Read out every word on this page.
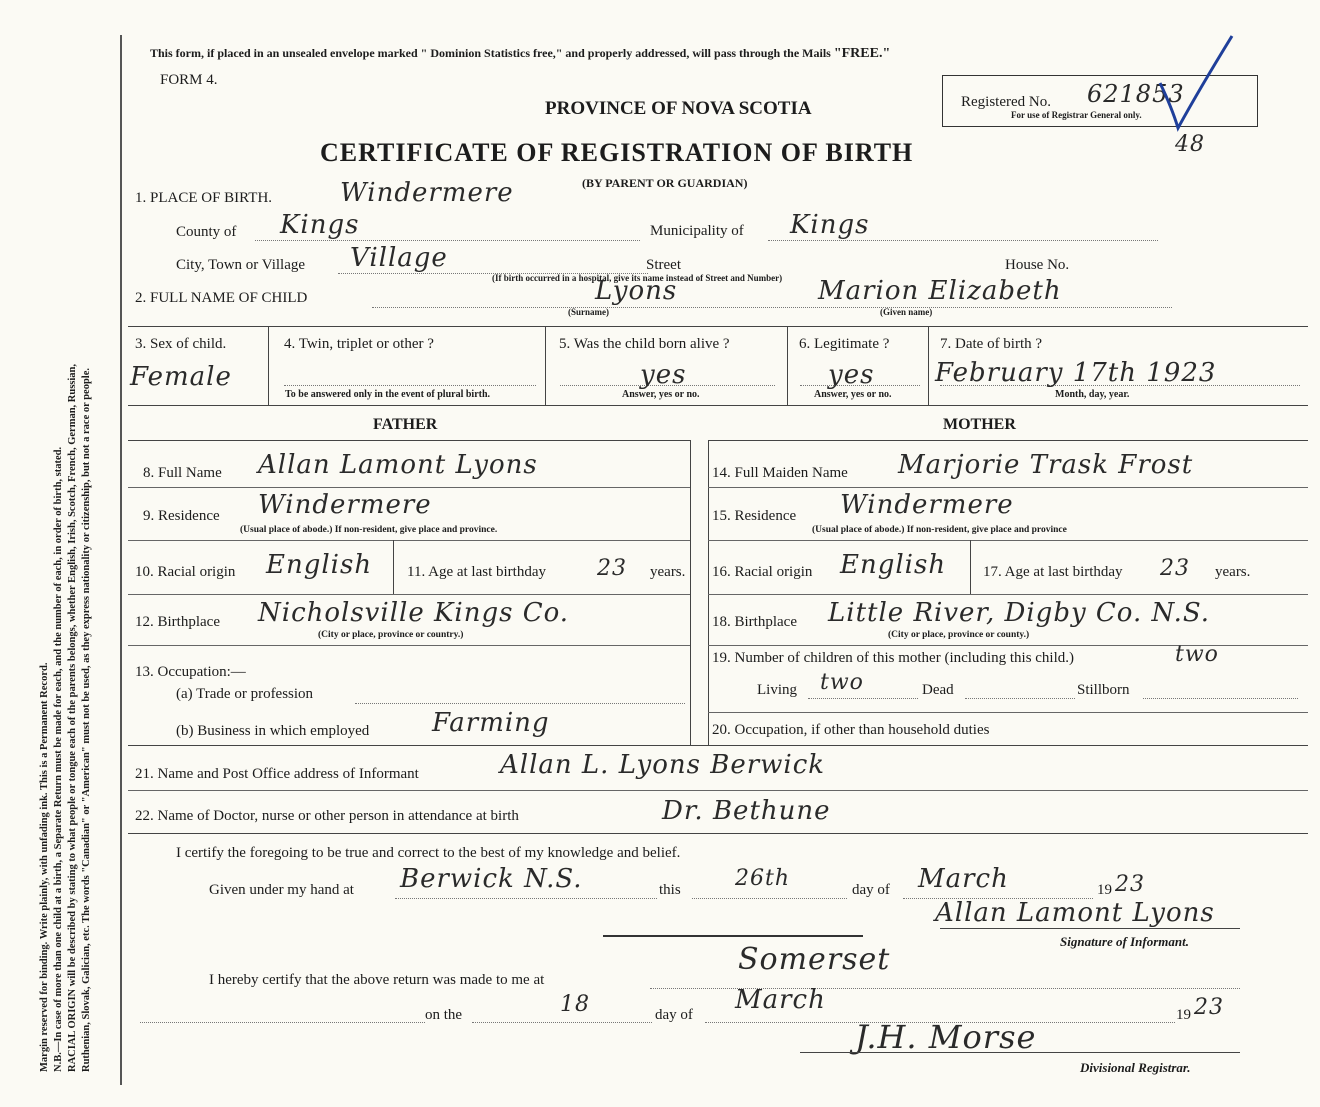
Margin reserved for binding. Write plainly, with unfading ink. This is a Permanent Record. N.B.—In case of more than one child at a birth, a Separate Return must be made for each, and the number of each, in order of birth, stated. RACIAL ORIGIN will be described by stating to what people or tongue each of the parents belongs, whether English, Irish, Scotch, French, German, Russian, Ruthenian, Slovak, Galician, etc. The words "Canadian" or "American" must not be used, as they express nationality or citizenship, but not a race or people.
This form, if placed in an unsealed envelope marked " Dominion Statistics free," and properly addressed, will pass through the Mails "FREE."
FORM 4.
PROVINCE OF NOVA SCOTIA	Registered No. 621853
For use of Registrar General only.
48
CERTIFICATE OF REGISTRATION OF BIRTH
(BY PARENT OR GUARDIAN)
1. PLACE OF BIRTH.	Windermere
County of Kings	Municipality of Kings
City, Town or Village Village	Street	House No.
(If birth occurred in a hospital, give its name instead of Street and Number)
2. FULL NAME OF CHILD	Lyons	Marion Elizabeth
(Surname)	(Given name)
3. Sex of child.
Female
4. Twin, triplet or other ?
To be answered only in the event of plural birth.
5. Was the child born alive ?
yes
Answer, yes or no.
6. Legitimate ?
yes
Answer, yes or no.
7. Date of birth ?
February 17th 1923
Month, day, year.
FATHER	MOTHER
8. Full Name Allan Lamont Lyons
9. Residence Windermere
(Usual place of abode.) If non-resident, give place and province.
10. Racial origin English 11. Age at last birthday 23 years.
12. Birthplace Nicholsville Kings Co.
(City or place, province or country.)
13. Occupation:—
(a) Trade or profession
(b) Business in which employed Farming
14. Full Maiden Name Marjorie Trask Frost
15. Residence Windermere
(Usual place of abode.) If non-resident, give place and province
16. Racial origin English 17. Age at last birthday 23 years.
18. Birthplace Little River, Digby Co. N.S.
(City or place, province or county.)
19. Number of children of this mother (including this child.)	two
Living two	Dead	Stillborn
20. Occupation, if other than household duties
21. Name and Post Office address of Informant	Allan L. Lyons Berwick
22. Name of Doctor, nurse or other person in attendance at birth	Dr. Bethune
I certify the foregoing to be true and correct to the best of my knowledge and belief.
Given under my hand at Berwick N.S.	this 26th	day of March	19 23
Allan Lamont Lyons
Signature of Informant.
I hereby certify that the above return was made to me at
Somerset
on the	18	day of March	19 23
J.H. Morse
Divisional Registrar.
